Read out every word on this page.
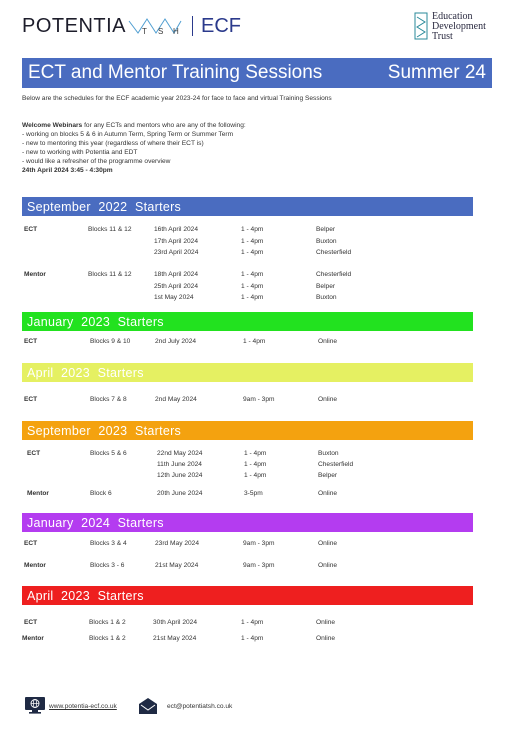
POTENTIA T S H ECF	Education
Development
Trust
ECT and Mentor Training Sessions	Summer 24
Below are the schedules for the ECF academic year 2023-24 for face to face and virtual Training Sessions
Welcome Webinars for any ECTs and mentors who are any of the following:
- working on blocks 5 & 6 in Autumn Term, Spring Term or Summer Term
- new to mentoring this year (regardless of where their ECT is)
- new to working with Potentia and EDT
- would like a refresher of the programme overview
24th April 2024 3:45 - 4:30pm
September  2022  Starters
ECT	Blocks 11 & 12	16th April 2024	1 - 4pm	Belper
17th April 2024	1 - 4pm	Buxton
23rd April 2024	1 - 4pm	Chesterfield
Mentor	Blocks 11 & 12	18th April 2024	1 - 4pm	Chesterfield
25th April 2024	1 - 4pm	Belper
1st May 2024	1 - 4pm	Buxton
January  2023  Starters
ECT	Blocks 9 & 10	2nd July 2024	1 - 4pm	Online
April  2023  Starters
ECT	Blocks 7 & 8	2nd May 2024	9am - 3pm	Online
September  2023  Starters
ECT	Blocks 5 & 6	22nd May 2024	1 - 4pm	Buxton
11th June 2024	1 - 4pm	Chesterfield
12th June 2024	1 - 4pm	Belper
Mentor	Block 6	20th June 2024	3-5pm	Online
January  2024  Starters
ECT	Blocks 3 & 4	23rd May 2024	9am - 3pm	Online
Mentor	Blocks 3 - 6	21st May 2024	9am - 3pm	Online
April  2023  Starters
ECT	Blocks 1 & 2	30th April 2024	1 - 4pm	Online
Mentor	Blocks 1 & 2	21st May 2024	1 - 4pm	Online
www.potentia-ecf.co.uk	ect@potentiatsh.co.uk
